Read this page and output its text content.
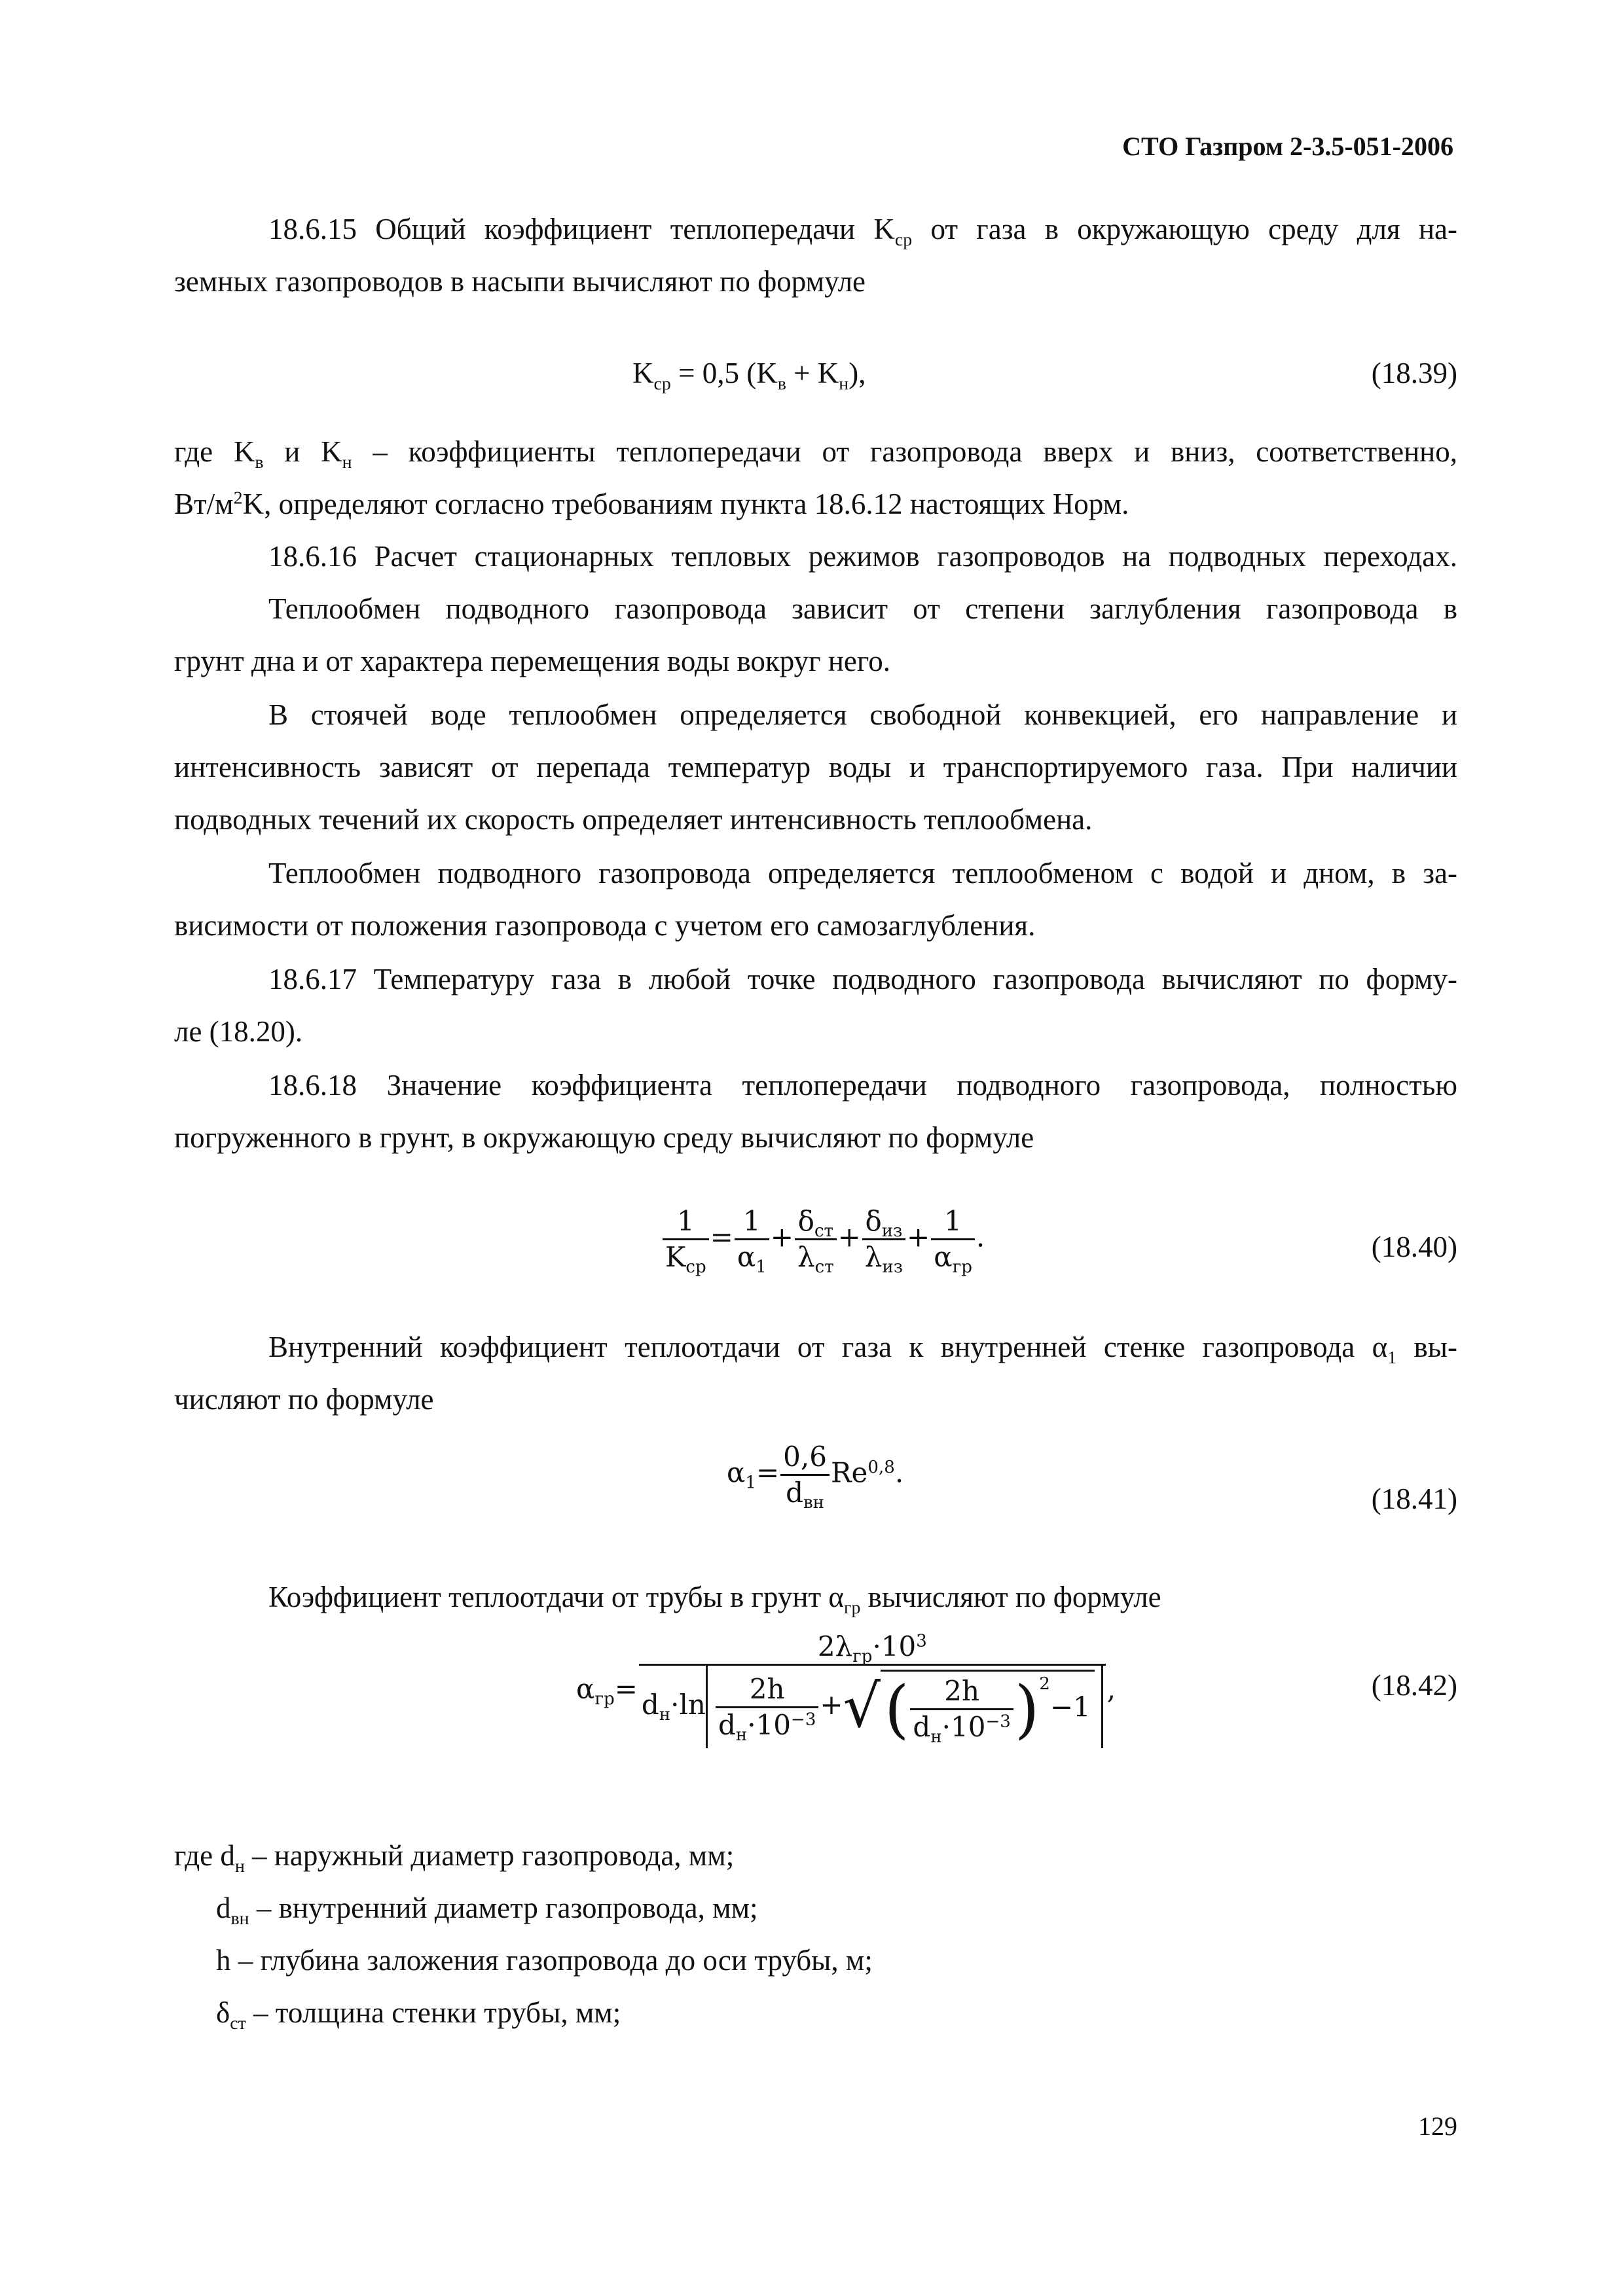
СТО Газпром 2-3.5-051-2006
18.6.15 Общий коэффициент теплопередачи $K_{ср}$ от газа в окружающую среду для на-
земных газопроводов в насыпи вычисляют по формуле
$K_{ср} = 0,5$ $(K_в + K_н)$,	(18.39)
где $K_в$ и $K_н$ – коэффициенты теплопередачи от газопровода вверх и вниз, соответственно,
$Вт/м^2K$, определяют согласно требованиям пункта 18.6.12 настоящих Норм.
18.6.16 Расчет стационарных тепловых режимов газопроводов на подводных переходах.
Теплообмен подводного газопровода зависит от степени заглубления газопровода в
грунт дна и от характера перемещения воды вокруг него.
В стоячей воде теплообмен определяется свободной конвекцией, его направление и
интенсивность зависят от перепада температур воды и транспортируемого газа. При наличии
подводных течений их скорость определяет интенсивность теплообмена.
Теплообмен подводного газопровода определяется теплообменом с водой и дном, в за-
висимости от положения газопровода с учетом его самозаглубления.
18.6.17 Температуру газа в любой точке подводного газопровода вычисляют по форму-
ле (18.20).
18.6.18 Значение коэффициента теплопередачи подводного газопровода, полностью
погруженного в грунт, в окружающую среду вычисляют по формуле
$\frac{1}{K_{ср}} = \frac{1}{\alpha_1} + \frac{\delta_{ст}}{\lambda_{ст}} + \frac{\delta_{из}}{\lambda_{из}} + \frac{1}{\alpha_{гр}}$ .	(18.40)
Внутренний коэффициент теплоотдачи от газа к внутренней стенке газопровода $\alpha_1$ вы-
числяют по формуле
$\alpha_1= \frac{0,6}{d_{вн}} Re^{0,8}$.
(18.41)
Коэффициент теплоотдачи от трубы в грунт $\alpha_{гр}$ вычисляют по формуле
$\alpha_{гр}= \frac{2\lambda_{гр}\cdot 10^3}{d_н\cdot\ln \frac{2h}{d_н\cdot 10^{-3}} +√( \frac{2h}{d_н\cdot 10^{-3}} )^2-1}$ ,	(18.42)
где $d_н$ – наружный диаметр газопровода, мм;
$d_{вн}$ – внутренний диаметр газопровода, мм;
h – глубина заложения газопровода до оси трубы, м;
$\delta_{ст}$ – толщина стенки трубы, мм;
129
